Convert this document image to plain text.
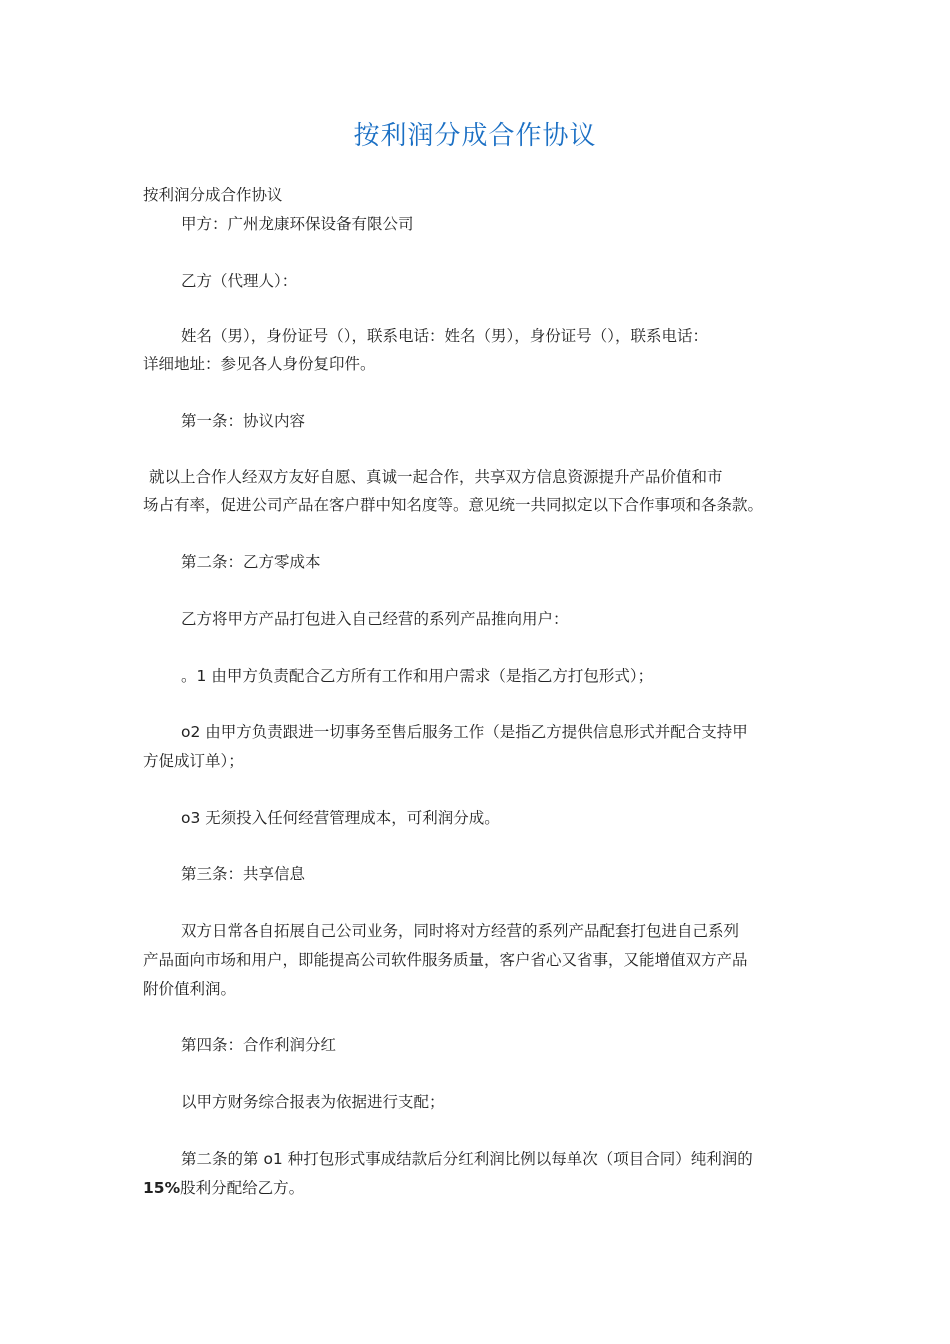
按利润分成合作协议
按利润分成合作协议
甲方：广州龙康环保设备有限公司
乙方（代理人）：
姓名（男），身份证号（），联系电话：姓名（男），身份证号（），联系电话：
详细地址：参见各人身份复印件。
第一条：协议内容
就以上合作人经双方友好自愿、真诚一起合作，共享双方信息资源提升产品价值和市
场占有率，促进公司产品在客户群中知名度等。意见统一共同拟定以下合作事项和各条款。
第二条：乙方零成本
乙方将甲方产品打包进入自己经营的系列产品推向用户：
。1 由甲方负责配合乙方所有工作和用户需求（是指乙方打包形式）；
o2 由甲方负责跟进一切事务至售后服务工作（是指乙方提供信息形式并配合支持甲
方促成订单）；
o3 无须投入任何经营管理成本，可利润分成。
第三条：共享信息
双方日常各自拓展自己公司业务，同时将对方经营的系列产品配套打包进自己系列
产品面向市场和用户，即能提高公司软件服务质量，客户省心又省事，又能增值双方产品
附价值利润。
第四条：合作利润分红
以甲方财务综合报表为依据进行支配；
第二条的第 o1 种打包形式事成结款后分红利润比例以每单次（项目合同）纯利润的
15%股利分配给乙方。
